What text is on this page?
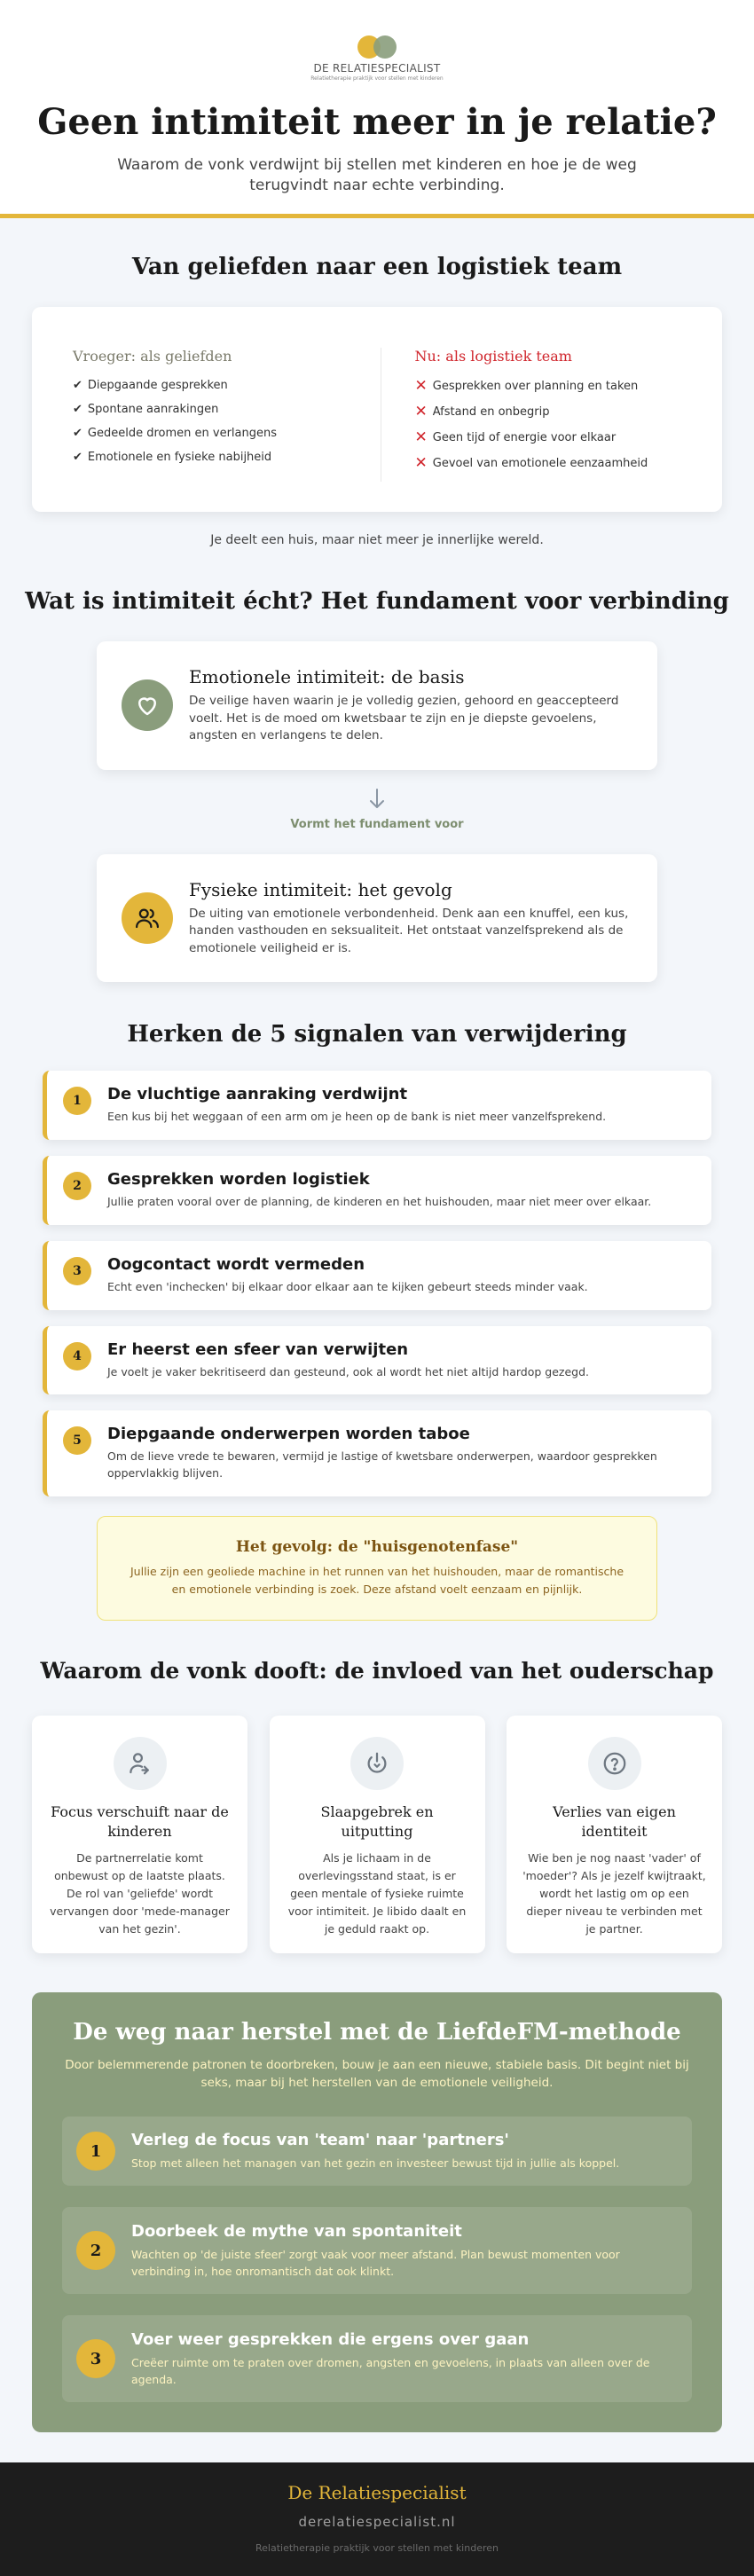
DE RELATIESPECIALIST
Relatietherapie praktijk voor stellen met kinderen
Geen intimiteit meer in je relatie?

Waarom de vonk verdwijnt bij stellen met kinderen en hoe je de weg terugvindt naar echte verbinding.

Van geliefden naar een logistiek team
Vroeger: als geliefden
✔ Diepgaande gesprekken
✔ Spontane aanrakingen
✔ Gedeelde dromen en verlangens
✔ Emotionele en fysieke nabijheid
Nu: als logistiek team
✕ Gesprekken over planning en taken
✕ Afstand en onbegrip
✕ Geen tijd of energie voor elkaar
✕ Gevoel van emotionele eenzaamheid

Je deelt een huis, maar niet meer je innerlijke wereld.

Wat is intimiteit écht? Het fundament voor verbinding
Emotionele intimiteit: de basis

De veilige haven waarin je je volledig gezien, gehoord en geaccepteerd voelt. Het is de moed om kwetsbaar te zijn en je diepste gevoelens, angsten en verlangens te delen.

Vormt het fundament voor
Fysieke intimiteit: het gevolg

De uiting van emotionele verbondenheid. Denk aan een knuffel, een kus, handen vasthouden en seksualiteit. Het ontstaat vanzelfsprekend als de emotionele veiligheid er is.

Herken de 5 signalen van verwijdering
1	De vluchtige aanraking verdwijnt

Een kus bij het weggaan of een arm om je heen op de bank is niet meer vanzelfsprekend.

2	Gesprekken worden logistiek

Jullie praten vooral over de planning, de kinderen en het huishouden, maar niet meer over elkaar.

3	Oogcontact wordt vermeden

Echt even 'inchecken' bij elkaar door elkaar aan te kijken gebeurt steeds minder vaak.

4	Er heerst een sfeer van verwijten

Je voelt je vaker bekritiseerd dan gesteund, ook al wordt het niet altijd hardop gezegd.

5	Diepgaande onderwerpen worden taboe

Om de lieve vrede te bewaren, vermijd je lastige of kwetsbare onderwerpen, waardoor gesprekken oppervlakkig blijven.

Het gevolg: de "huisgenotenfase"

Jullie zijn een geoliede machine in het runnen van het huishouden, maar de romantische en emotionele verbinding is zoek. Deze afstand voelt eenzaam en pijnlijk.

Waarom de vonk dooft: de invloed van het ouderschap
Focus verschuift naar de kinderen

De partnerrelatie komt onbewust op de laatste plaats. De rol van 'geliefde' wordt vervangen door 'mede-manager van het gezin'.

Slaapgebrek en uitputting

Als je lichaam in de overlevingsstand staat, is er geen mentale of fysieke ruimte voor intimiteit. Je libido daalt en je geduld raakt op.

Verlies van eigen identiteit

Wie ben je nog naast 'vader' of 'moeder'? Als je jezelf kwijtraakt, wordt het lastig om op een dieper niveau te verbinden met je partner.

De weg naar herstel met de LiefdeFM-methode

Door belemmerende patronen te doorbreken, bouw je aan een nieuwe, stabiele basis. Dit begint niet bij seks, maar bij het herstellen van de emotionele veiligheid.

1
Verleg de focus van 'team' naar 'partners'

Stop met alleen het managen van het gezin en investeer bewust tijd in jullie als koppel.

2
Doorbeek de mythe van spontaniteit

Wachten op 'de juiste sfeer' zorgt vaak voor meer afstand. Plan bewust momenten voor verbinding in, hoe onromantisch dat ook klinkt.

3
Voer weer gesprekken die ergens over gaan

Creëer ruimte om te praten over dromen, angsten en gevoelens, in plaats van alleen over de agenda.

De Relatiespecialist
derelatiespecialist.nl
Relatietherapie praktijk voor stellen met kinderen
